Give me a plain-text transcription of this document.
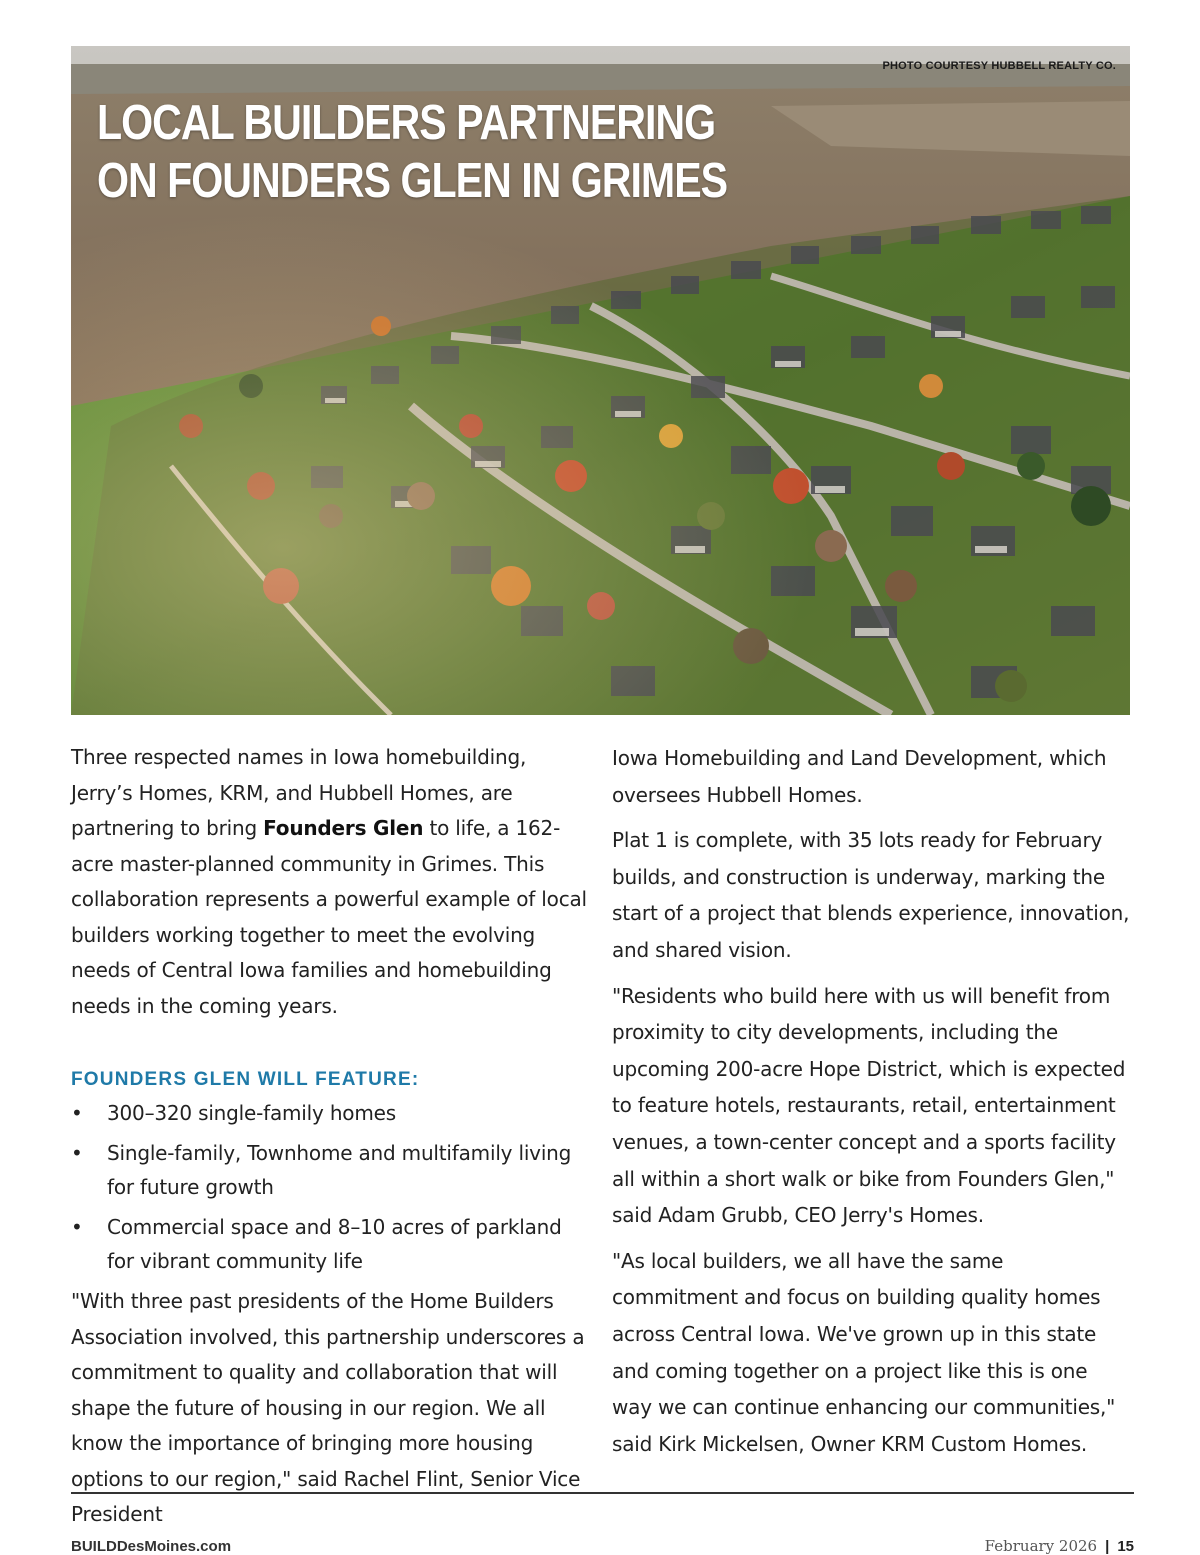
PHOTO COURTESY HUBBELL REALTY CO.
LOCAL BUILDERS PARTNERING
ON FOUNDERS GLEN IN GRIMES

Three respected names in Iowa homebuilding, Jerry’s Homes, KRM, and Hubbell Homes, are partnering to bring Founders Glen to life, a 162-acre master-planned community in Grimes. This collaboration represents a powerful example of local builders working together to meet the evolving needs of Central Iowa families and homebuilding needs in the coming years.

FOUNDERS GLEN WILL FEATURE:
• 300–320 single-family homes
• Single-family, Townhome and multifamily living for future growth
• Commercial space and 8–10 acres of parkland for vibrant community life

"With three past presidents of the Home Builders Association involved, this partnership underscores a commitment to quality and collaboration that will shape the future of housing in our region. We all know the importance of bringing more housing options to our region," said Rachel Flint, Senior Vice President

Iowa Homebuilding and Land Development, which oversees Hubbell Homes.

Plat 1 is complete, with 35 lots ready for February builds, and construction is underway, marking the start of a project that blends experience, innovation, and shared vision.

"Residents who build here with us will benefit from proximity to city developments, including the upcoming 200-acre Hope District, which is expected to feature hotels, restaurants, retail, entertainment venues, a town-center concept and a sports facility all within a short walk or bike from Founders Glen," said Adam Grubb, CEO Jerry's Homes.

"As local builders, we all have the same commitment and focus on building quality homes across Central Iowa. We've grown up in this state and coming together on a project like this is one way we can continue enhancing our communities," said Kirk Mickelsen, Owner KRM Custom Homes.

BUILDDesMoines.com	February 2026 | 15
